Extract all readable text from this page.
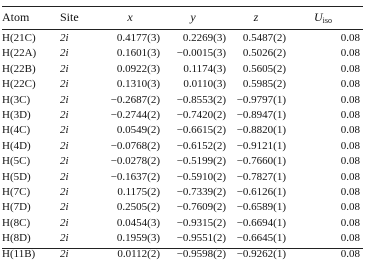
Atom	Site	x	y	z	$U_{iso}$
H(21C)	2i	0.4177(3)	0.2269(3)	0.5487(2)	0.08
H(22A)	2i	0.1601(3)	−0.0015(3)	0.5026(2)	0.08
H(22B)	2i	0.0922(3)	0.1174(3)	0.5605(2)	0.08
H(22C)	2i	0.1310(3)	0.0110(3)	0.5985(2)	0.08
H(3C)	2i	−0.2687(2)	−0.8553(2)	−0.9797(1)	0.08
H(3D)	2i	−0.2744(2)	−0.7420(2)	−0.8947(1)	0.08
H(4C)	2i	0.0549(2)	−0.6615(2)	−0.8820(1)	0.08
H(4D)	2i	−0.0768(2)	−0.6152(2)	−0.9121(1)	0.08
H(5C)	2i	−0.0278(2)	−0.5199(2)	−0.7660(1)	0.08
H(5D)	2i	−0.1637(2)	−0.5910(2)	−0.7827(1)	0.08
H(7C)	2i	0.1175(2)	−0.7339(2)	−0.6126(1)	0.08
H(7D)	2i	0.2505(2)	−0.7609(2)	−0.6589(1)	0.08
H(8C)	2i	0.0454(3)	−0.9315(2)	−0.6694(1)	0.08
H(8D)	2i	0.1959(3)	−0.9551(2)	−0.6645(1)	0.08
H(11B)	2i	0.0112(2)	−0.9598(2)	−0.9262(1)	0.08
